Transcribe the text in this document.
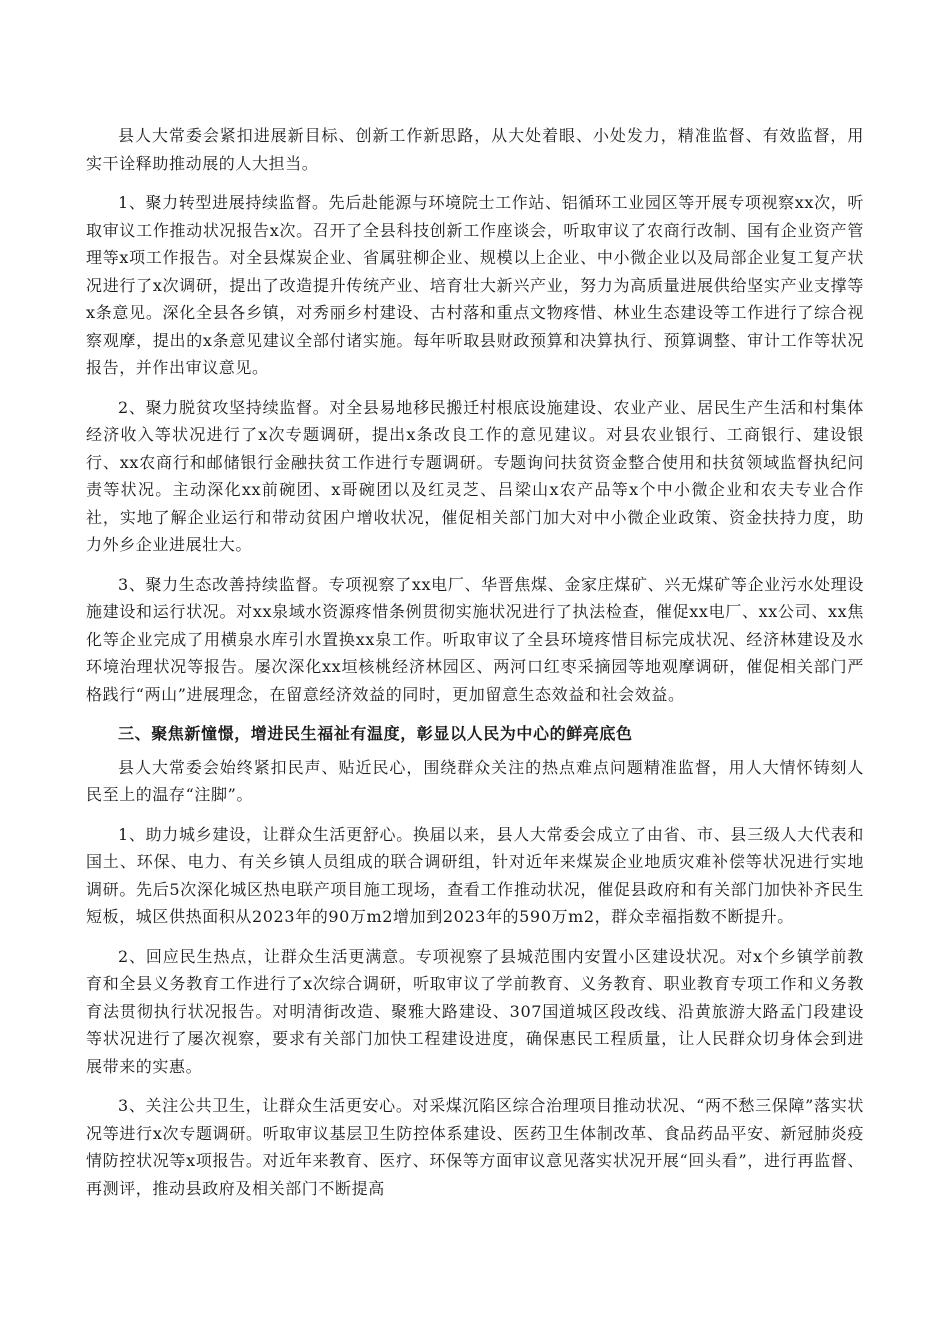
县人大常委会紧扣进展新目标、创新工作新思路，从大处着眼、小处发力，精准监督、有效监督，用实干诠释助推动展的人大担当。

1、聚力转型进展持续监督。先后赴能源与环境院士工作站、铝循环工业园区等开展专项视察xx次，听取审议工作推动状况报告x次。召开了全县科技创新工作座谈会，听取审议了农商行改制、国有企业资产管理等x项工作报告。对全县煤炭企业、省属驻柳企业、规模以上企业、中小微企业以及局部企业复工复产状况进行了x次调研，提出了改造提升传统产业、培育壮大新兴产业，努力为高质量进展供给坚实产业支撑等x条意见。深化全县各乡镇，对秀丽乡村建设、古村落和重点文物疼惜、林业生态建设等工作进行了综合视察观摩，提出的x条意见建议全部付诸实施。每年听取县财政预算和决算执行、预算调整、审计工作等状况报告，并作出审议意见。

2、聚力脱贫攻坚持续监督。对全县易地移民搬迁村根底设施建设、农业产业、居民生产生活和村集体经济收入等状况进行了x次专题调研，提出x条改良工作的意见建议。对县农业银行、工商银行、建设银行、xx农商行和邮储银行金融扶贫工作进行专题调研。专题询问扶贫资金整合使用和扶贫领域监督执纪问责等状况。主动深化xx前碗团、x哥碗团以及红灵芝、吕梁山x农产品等x个中小微企业和农夫专业合作社，实地了解企业运行和带动贫困户增收状况，催促相关部门加大对中小微企业政策、资金扶持力度，助力外乡企业进展壮大。

3、聚力生态改善持续监督。专项视察了xx电厂、华晋焦煤、金家庄煤矿、兴无煤矿等企业污水处理设施建设和运行状况。对xx泉域水资源疼惜条例贯彻实施状况进行了执法检查，催促xx电厂、xx公司、xx焦化等企业完成了用横泉水库引水置换xx泉工作。听取审议了全县环境疼惜目标完成状况、经济林建设及水环境治理状况等报告。屡次深化xx垣核桃经济林园区、两河口红枣采摘园等地观摩调研，催促相关部门严格践行“两山”进展理念，在留意经济效益的同时，更加留意生态效益和社会效益。

三、聚焦新憧憬，增进民生福祉有温度，彰显以人民为中心的鲜亮底色

县人大常委会始终紧扣民声、贴近民心，围绕群众关注的热点难点问题精准监督，用人大情怀铸刻人民至上的温存“注脚”。

1、助力城乡建设，让群众生活更舒心。换届以来，县人大常委会成立了由省、市、县三级人大代表和国土、环保、电力、有关乡镇人员组成的联合调研组，针对近年来煤炭企业地质灾难补偿等状况进行实地调研。先后5次深化城区热电联产项目施工现场，查看工作推动状况，催促县政府和有关部门加快补齐民生短板，城区供热面积从2023年的90万m2增加到2023年的590万m2，群众幸福指数不断提升。

2、回应民生热点，让群众生活更满意。专项视察了县城范围内安置小区建设状况。对x个乡镇学前教育和全县义务教育工作进行了x次综合调研，听取审议了学前教育、义务教育、职业教育专项工作和义务教育法贯彻执行状况报告。对明清街改造、聚雅大路建设、307国道城区段改线、沿黄旅游大路孟门段建设等状况进行了屡次视察，要求有关部门加快工程建设进度，确保惠民工程质量，让人民群众切身体会到进展带来的实惠。

3、关注公共卫生，让群众生活更安心。对采煤沉陷区综合治理项目推动状况、“两不愁三保障”落实状况等进行x次专题调研。听取审议基层卫生防控体系建设、医药卫生体制改革、食品药品平安、新冠肺炎疫情防控状况等x项报告。对近年来教育、医疗、环保等方面审议意见落实状况开展“回头看”，进行再监督、再测评，推动县政府及相关部门不断提高
